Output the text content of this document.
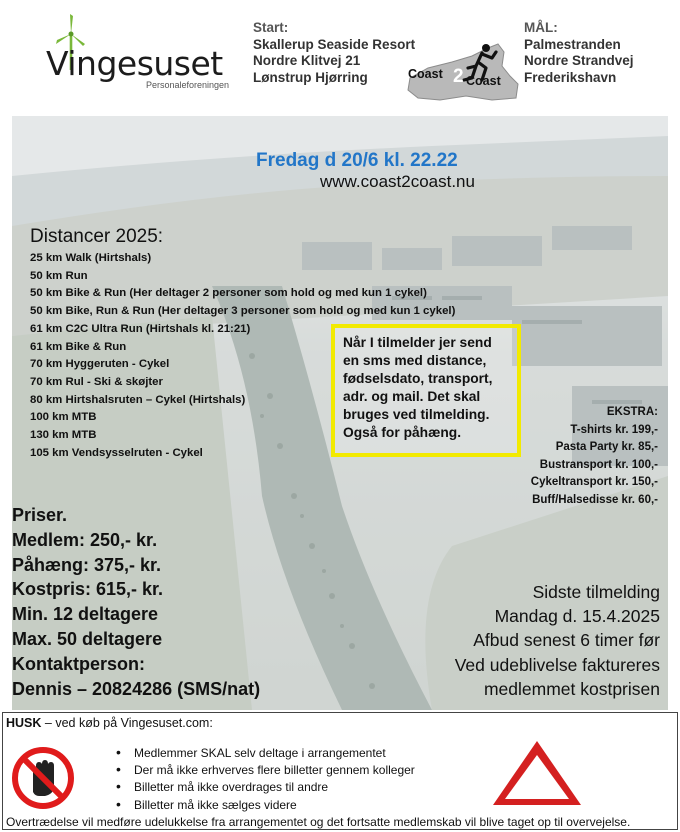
Vingesuset
Personaleforeningen
Start:
Skallerup Seaside Resort
Nordre Klitvej 21
Lønstrup Hjørring	Coast 2 Coast
MÅL:
Palmestranden
Nordre Strandvej
Frederikshavn
Fredag d 20/6 kl. 22.22
www.coast2coast.nu
Distancer 2025:
25 km Walk (Hirtshals)
50 km Run
50 km Bike & Run (Her deltager 2 personer som hold og med kun 1 cykel)
50 km Bike, Run & Run (Her deltager 3 personer som hold og med kun 1 cykel)
61 km C2C Ultra Run (Hirtshals kl. 21:21)
61 km Bike & Run
70 km Hyggeruten - Cykel
70 km Rul - Ski & skøjter
80 km Hirtshalsruten – Cykel (Hirtshals)
100 km MTB
130 km MTB
105 km Vendsysselruten - Cykel
Når I tilmelder jer send en sms med distance, fødselsdato, transport, adr. og mail. Det skal bruges ved tilmelding. Også for påhæng.
EKSTRA:
T-shirts kr. 199,-
Pasta Party kr. 85,-
Bustransport kr. 100,-
Cykeltransport kr. 150,-
Buff/Halsedisse kr. 60,-
Priser.
Medlem: 250,- kr.
Påhæng: 375,- kr.
Kostpris: 615,- kr.
Min. 12 deltagere
Max. 50 deltagere
Kontaktperson:
Dennis – 20824286 (SMS/nat)
Sidste tilmelding
Mandag d. 15.4.2025
Afbud senest 6 timer før
Ved udeblivelse faktureres
medlemmet kostprisen
HUSK – ved køb på Vingesuset.com:
• Medlemmer SKAL selv deltage i arrangementet
• Der må ikke erhverves flere billetter gennem kolleger
• Billetter må ikke overdrages til andre
• Billetter må ikke sælges videre
Overtrædelse vil medføre udelukkelse fra arrangementet og det fortsatte medlemskab vil blive taget op til overvejelse.
